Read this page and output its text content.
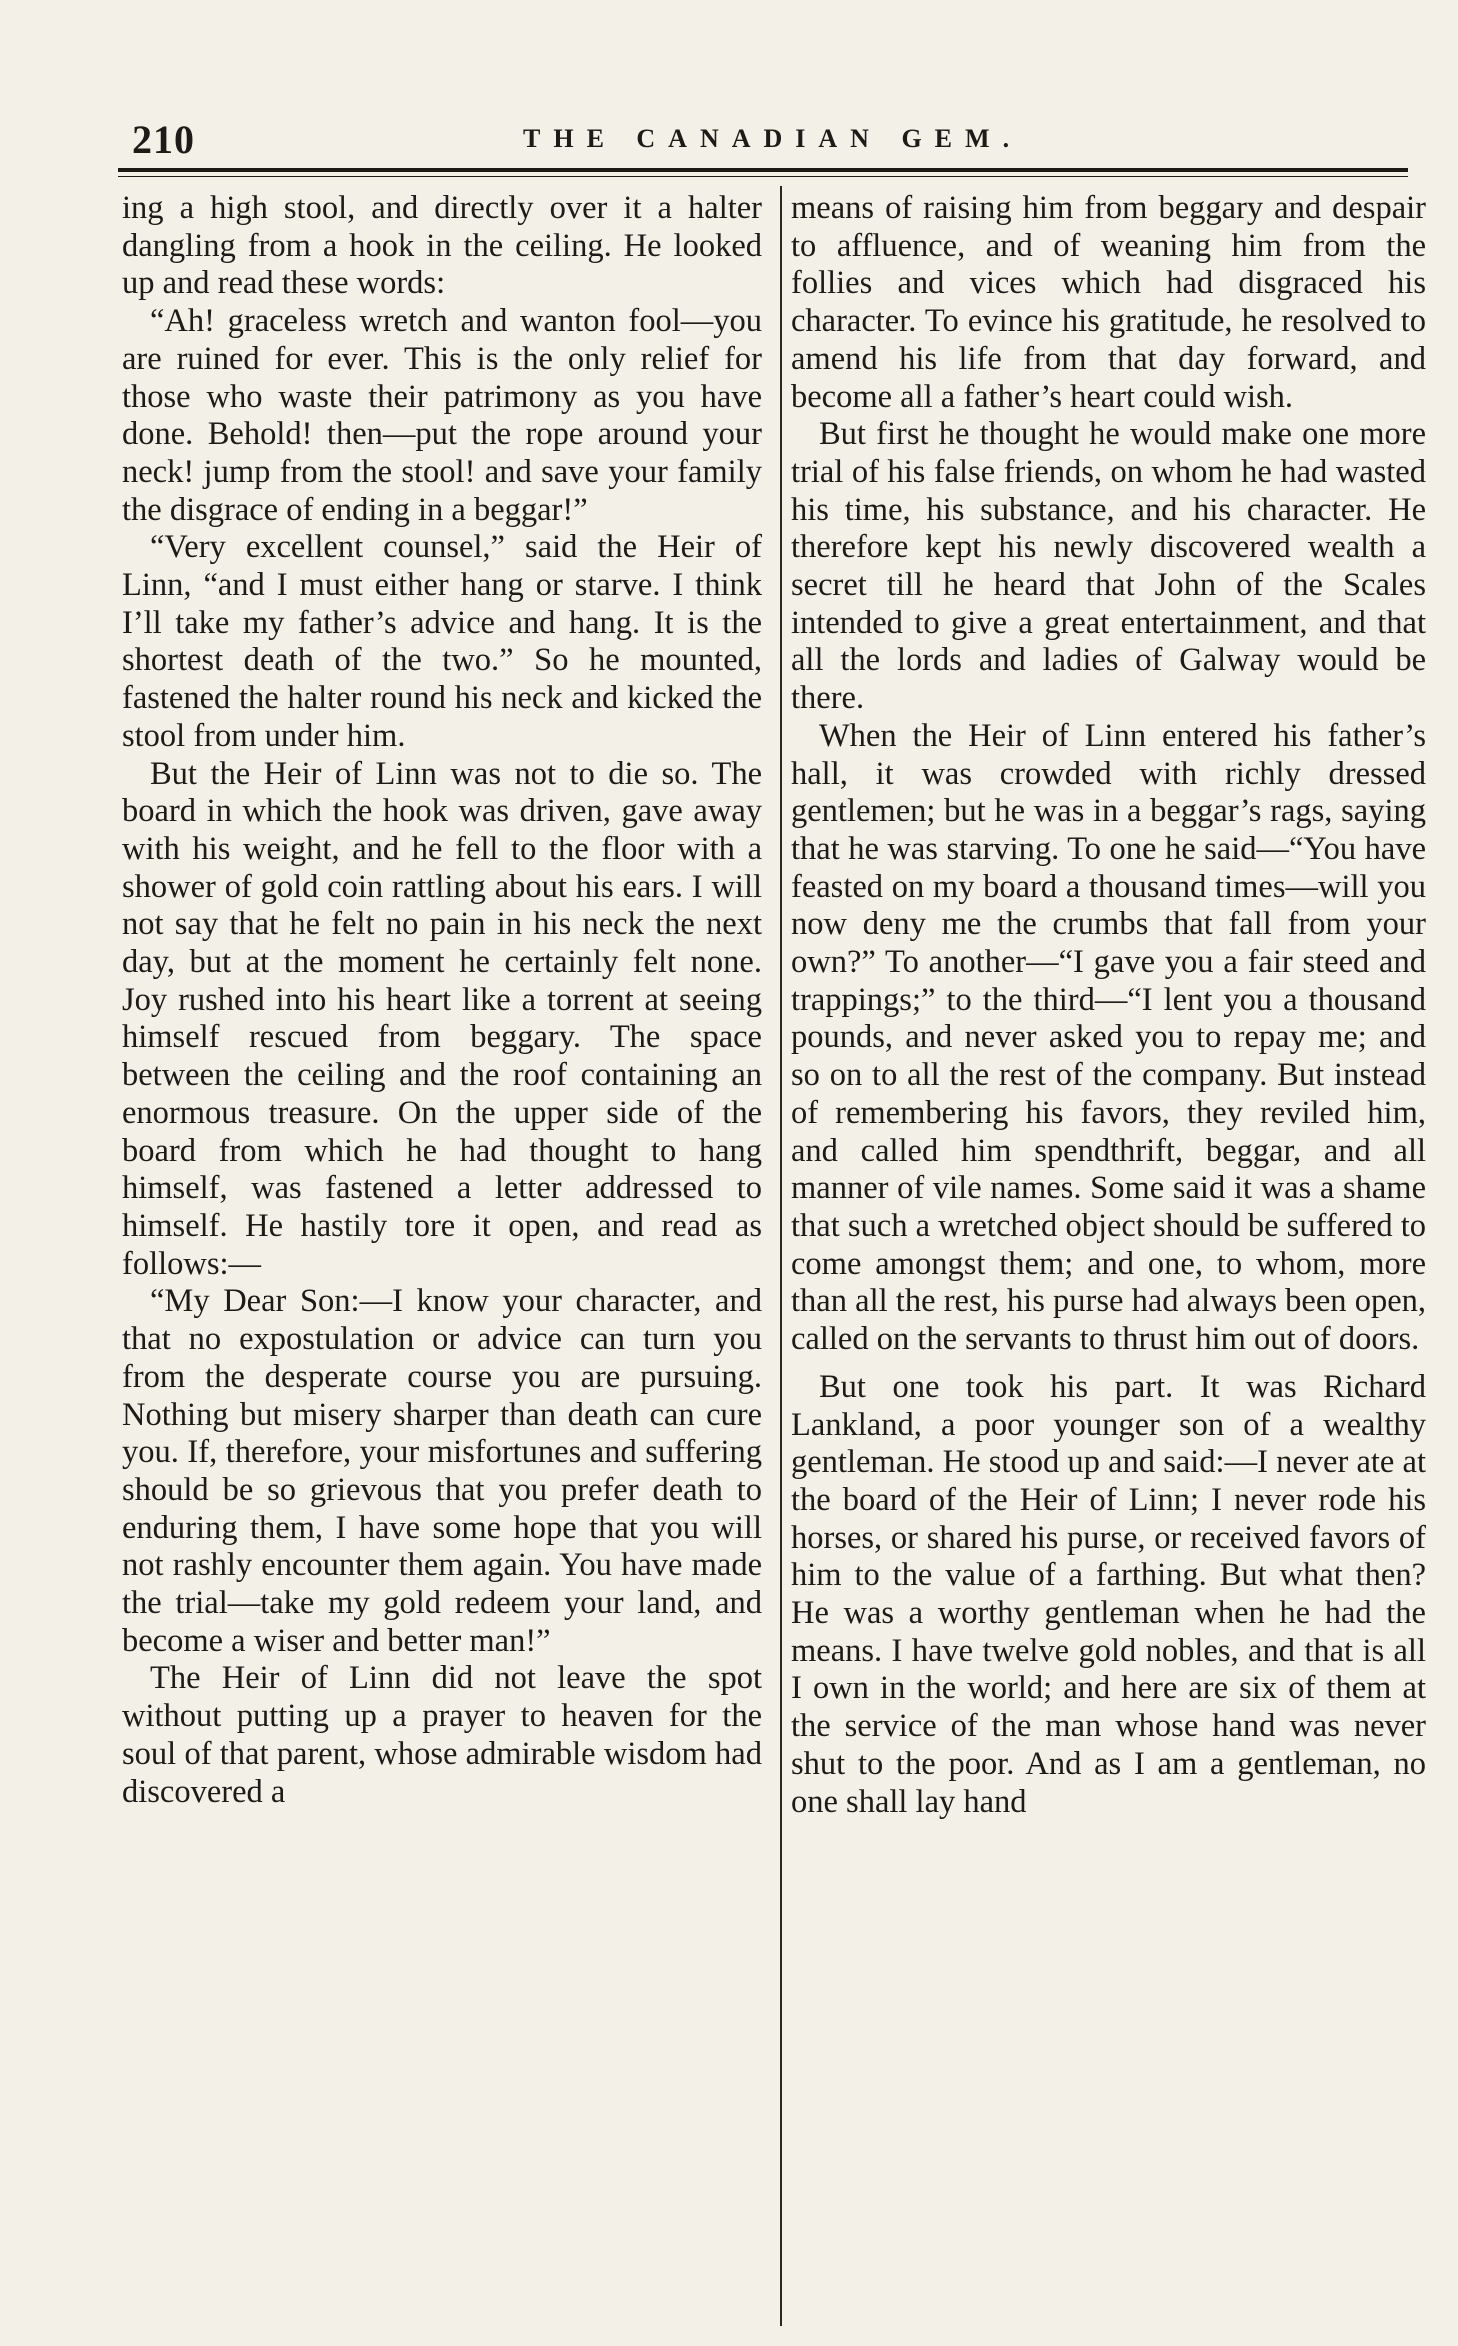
210	THE CANADIAN GEM.

ing a high stool, and directly over it a halter dangling from a hook in the ceiling. He looked up and read these words:

“Ah! graceless wretch and wanton fool—you are ruined for ever. This is the only relief for those who waste their patrimony as you have done. Behold! then—put the rope around your neck! jump from the stool! and save your family the disgrace of ending in a beggar!”

“Very excellent counsel,” said the Heir of Linn, “and I must either hang or starve. I think I’ll take my father’s advice and hang. It is the shortest death of the two.” So he mounted, fastened the halter round his neck and kicked the stool from under him.

But the Heir of Linn was not to die so. The board in which the hook was driven, gave away with his weight, and he fell to the floor with a shower of gold coin rattling about his ears. I will not say that he felt no pain in his neck the next day, but at the moment he certainly felt none. Joy rushed into his heart like a torrent at seeing himself rescued from beggary. The space between the ceiling and the roof containing an enormous treasure. On the upper side of the board from which he had thought to hang himself, was fastened a letter addressed to himself. He hastily tore it open, and read as follows:—

“My Dear Son:—I know your character, and that no expostulation or advice can turn you from the desperate course you are pursuing. Nothing but misery sharper than death can cure you. If, therefore, your misfortunes and suffering should be so grievous that you prefer death to enduring them, I have some hope that you will not rashly encounter them again. You have made the trial—take my gold redeem your land, and become a wiser and better man!”

The Heir of Linn did not leave the spot without putting up a prayer to heaven for the soul of that parent, whose admirable wisdom had discovered a

means of raising him from beggary and despair to affluence, and of weaning him from the follies and vices which had disgraced his character. To evince his gratitude, he resolved to amend his life from that day forward, and become all a father’s heart could wish.

But first he thought he would make one more trial of his false friends, on whom he had wasted his time, his substance, and his character. He therefore kept his newly discovered wealth a secret till he heard that John of the Scales intended to give a great entertainment, and that all the lords and ladies of Galway would be there.

When the Heir of Linn entered his father’s hall, it was crowded with richly dressed gentlemen; but he was in a beggar’s rags, saying that he was starving. To one he said—“You have feasted on my board a thousand times—will you now deny me the crumbs that fall from your own?” To another—“I gave you a fair steed and trappings;” to the third—“I lent you a thousand pounds, and never asked you to repay me; and so on to all the rest of the company. But instead of remembering his favors, they reviled him, and called him spendthrift, beggar, and all manner of vile names. Some said it was a shame that such a wretched object should be suffered to come amongst them; and one, to whom, more than all the rest, his purse had always been open, called on the servants to thrust him out of doors.

But one took his part. It was Richard Lankland, a poor younger son of a wealthy gentleman. He stood up and said:—I never ate at the board of the Heir of Linn; I never rode his horses, or shared his purse, or received favors of him to the value of a farthing. But what then? He was a worthy gentleman when he had the means. I have twelve gold nobles, and that is all I own in the world; and here are six of them at the service of the man whose hand was never shut to the poor. And as I am a gentleman, no one shall lay hand
